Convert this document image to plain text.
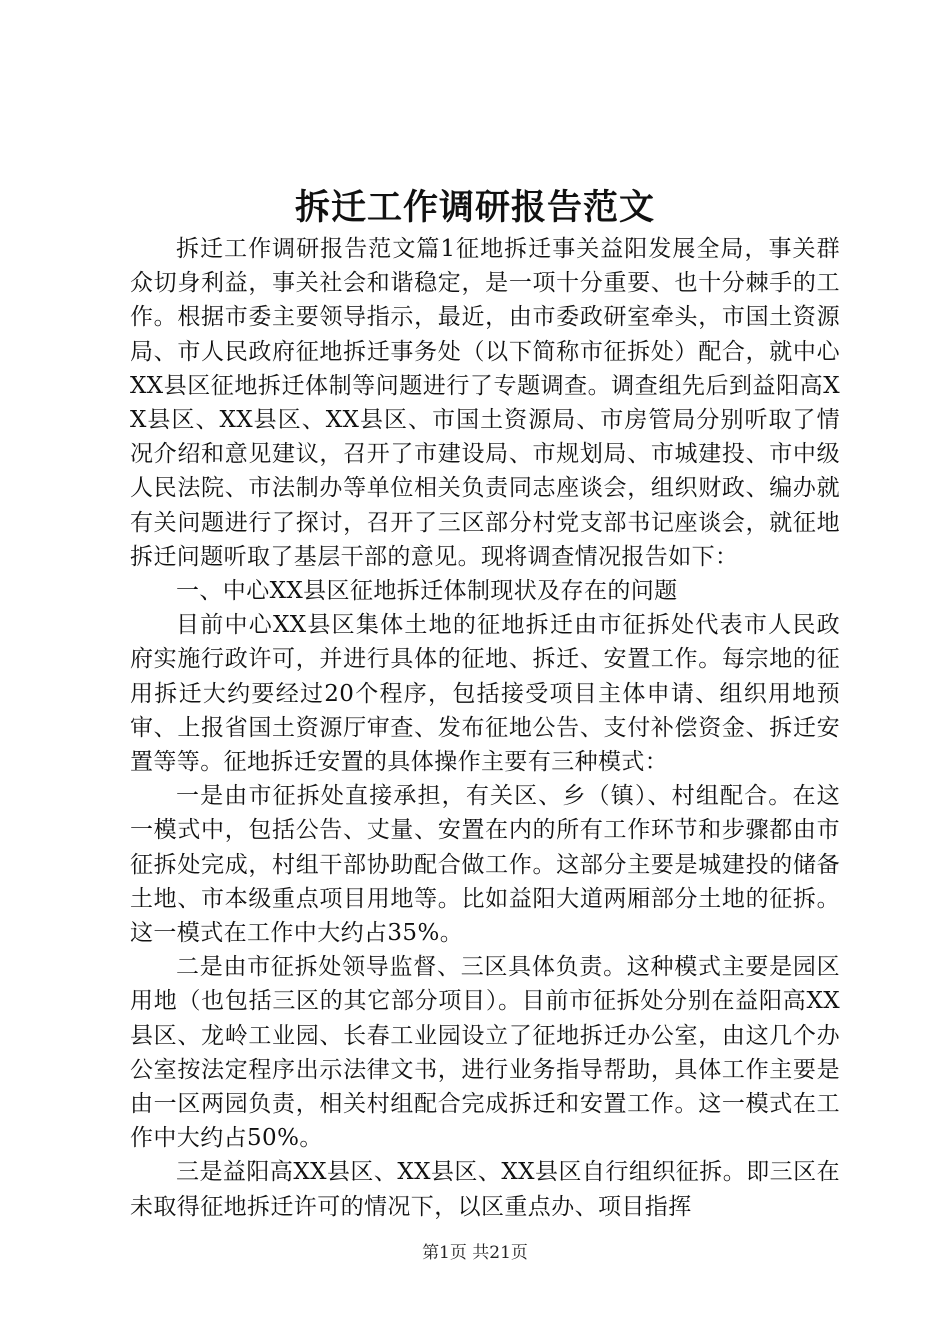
拆迁工作调研报告范文

拆迁工作调研报告范文篇1征地拆迁事关益阳发展全局，事关群众切身利益，事关社会和谐稳定，是一项十分重要、也十分棘手的工作。根据市委主要领导指示，最近，由市委政研室牵头，市国土资源局、市人民政府征地拆迁事务处（以下简称市征拆处）配合，就中心XX县区征地拆迁体制等问题进行了专题调查。调查组先后到益阳高XX县区、XX县区、XX县区、市国土资源局、市房管局分别听取了情况介绍和意见建议，召开了市建设局、市规划局、市城建投、市中级人民法院、市法制办等单位相关负责同志座谈会，组织财政、编办就有关问题进行了探讨，召开了三区部分村党支部书记座谈会，就征地拆迁问题听取了基层干部的意见。现将调查情况报告如下：

一、中心XX县区征地拆迁体制现状及存在的问题

目前中心XX县区集体土地的征地拆迁由市征拆处代表市人民政府实施行政许可，并进行具体的征地、拆迁、安置工作。每宗地的征用拆迁大约要经过20个程序，包括接受项目主体申请、组织用地预审、上报省国土资源厅审查、发布征地公告、支付补偿资金、拆迁安置等等。征地拆迁安置的具体操作主要有三种模式：

一是由市征拆处直接承担，有关区、乡（镇）、村组配合。在这一模式中，包括公告、丈量、安置在内的所有工作环节和步骤都由市征拆处完成，村组干部协助配合做工作。这部分主要是城建投的储备土地、市本级重点项目用地等。比如益阳大道两厢部分土地的征拆。这一模式在工作中大约占35%。

二是由市征拆处领导监督、三区具体负责。这种模式主要是园区用地（也包括三区的其它部分项目）。目前市征拆处分别在益阳高XX县区、龙岭工业园、长春工业园设立了征地拆迁办公室，由这几个办公室按法定程序出示法律文书，进行业务指导帮助，具体工作主要是由一区两园负责，相关村组配合完成拆迁和安置工作。这一模式在工作中大约占50%。

三是益阳高XX县区、XX县区、XX县区自行组织征拆。即三区在未取得征地拆迁许可的情况下，以区重点办、项目指挥

第1页 共21页
